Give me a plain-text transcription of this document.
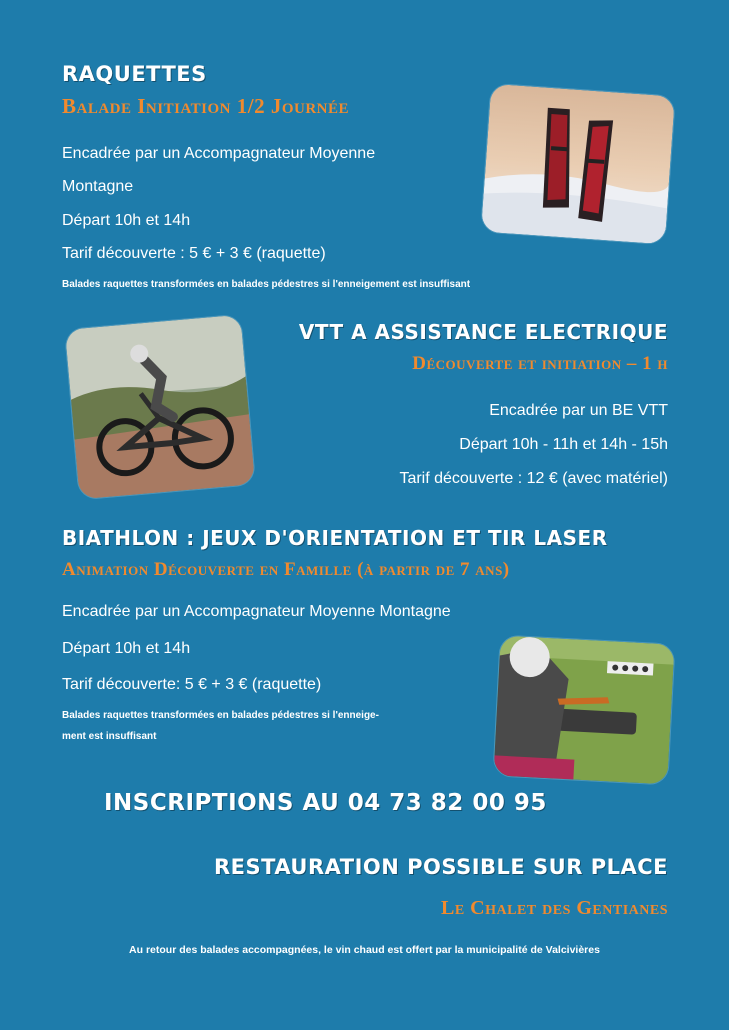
RAQUETTES
Balade Initiation 1/2 Journée
Encadrée par un Accompagnateur Moyenne
Montagne
Départ 10h et 14h
Tarif découverte : 5 € + 3 € (raquette)
Balades raquettes transformées en balades pédestres si l'enneigement est insuffisant
VTT A ASSISTANCE ELECTRIQUE
Découverte et initiation – 1 h
Encadrée par un BE VTT
Départ 10h - 11h et 14h - 15h
Tarif découverte : 12 € (avec matériel)
BIATHLON : JEUX D'ORIENTATION ET TIR LASER
Animation Découverte en Famille (à partir de 7 ans)
Encadrée par un Accompagnateur Moyenne Montagne
Départ 10h et 14h
Tarif découverte: 5 € + 3 € (raquette)
Balades raquettes transformées en balades pédestres si l'enneige-
ment est insuffisant
INSCRIPTIONS AU 04 73 82 00 95
RESTAURATION POSSIBLE SUR PLACE
Le Chalet des Gentianes
Au retour des balades accompagnées, le vin chaud est offert par la municipalité de Valcivières
